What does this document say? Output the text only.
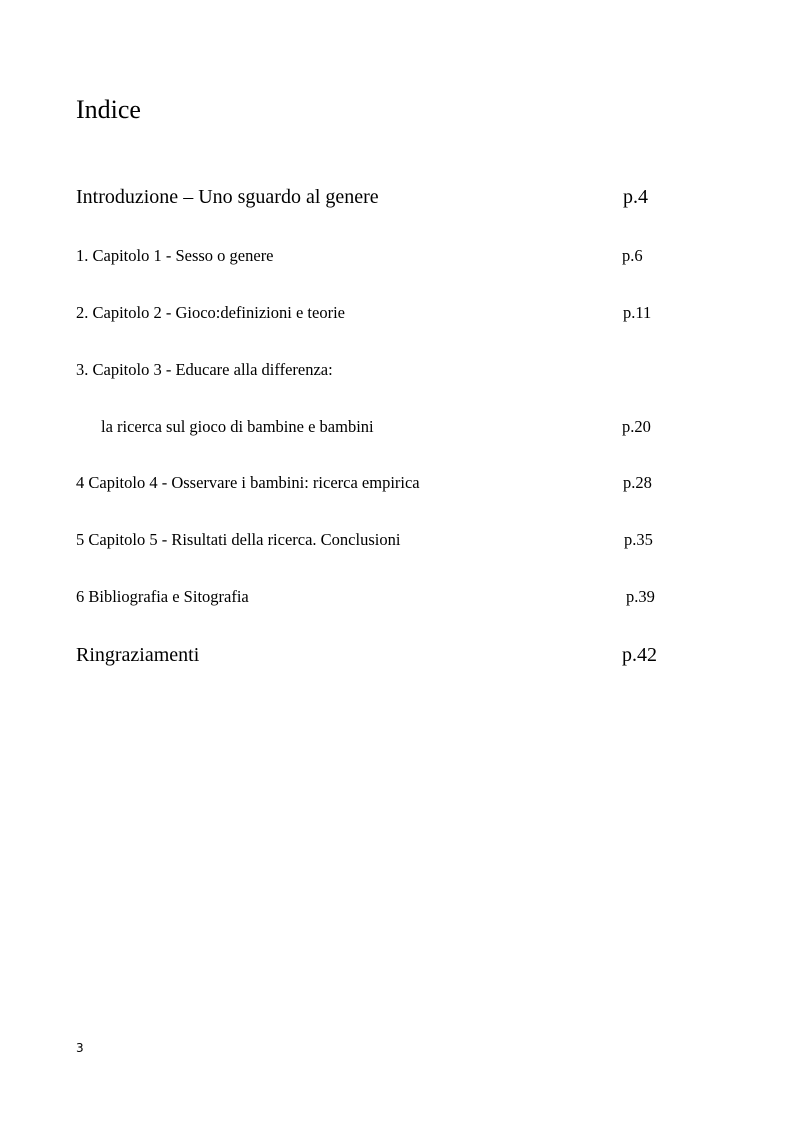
Indice
Introduzione – Uno sguardo al genere	p.4
1. Capitolo 1 - Sesso o genere	p.6
2. Capitolo 2 - Gioco:definizioni e teorie	p.11
3. Capitolo 3 - Educare alla differenza:
la ricerca sul gioco di bambine e bambini	p.20
4 Capitolo 4 - Osservare i bambini: ricerca empirica	p.28
5 Capitolo 5 - Risultati della ricerca. Conclusioni	p.35
6 Bibliografia e Sitografia	p.39
Ringraziamenti	p.42
3
